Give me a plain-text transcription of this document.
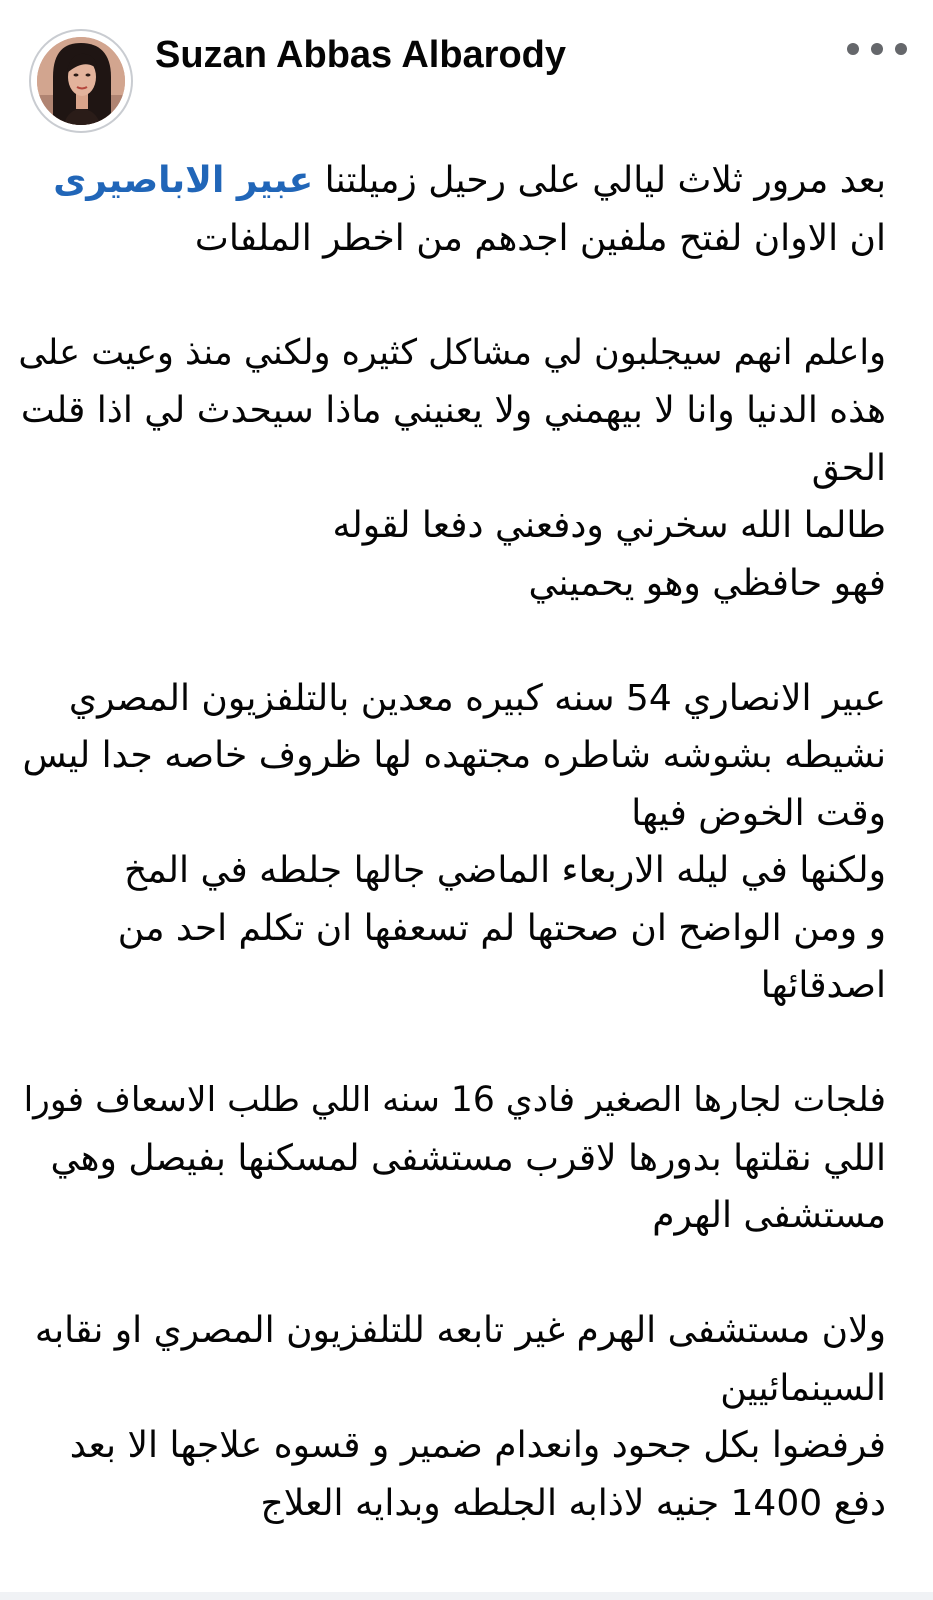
Suzan Abbas Albarody

بعد مرور ثلاث ليالي على رحيل زميلتنا عبير الاباصيرى

ان الاوان لفتح ملفين اجدهم من اخطر الملفات

واعلم انهم سيجلبون لي مشاكل كثيره ولكني منذ وعيت على

هذه الدنيا وانا لا بيهمني ولا يعنيني ماذا سيحدث لي اذا قلت

الحق

طالما الله سخرني ودفعني دفعا لقوله

فهو حافظي وهو يحميني

عبير الانصاري 54 سنه كبيره معدين بالتلفزيون المصري

نشيطه بشوشه شاطره مجتهده لها ظروف خاصه جدا ليس

وقت الخوض فيها

ولكنها في ليله الاربعاء الماضي جالها جلطه في المخ

و ومن الواضح ان صحتها لم تسعفها ان تكلم احد من

اصدقائها

فلجات لجارها الصغير فادي 16 سنه اللي طلب الاسعاف فورا

اللي نقلتها بدورها لاقرب مستشفى لمسكنها بفيصل وهي

مستشفى الهرم

ولان مستشفى الهرم غير تابعه للتلفزيون المصري او نقابه

السينمائيين

فرفضوا بكل جحود وانعدام ضمير و قسوه علاجها الا بعد

دفع 1400 جنيه لاذابه الجلطه وبدايه العلاج
